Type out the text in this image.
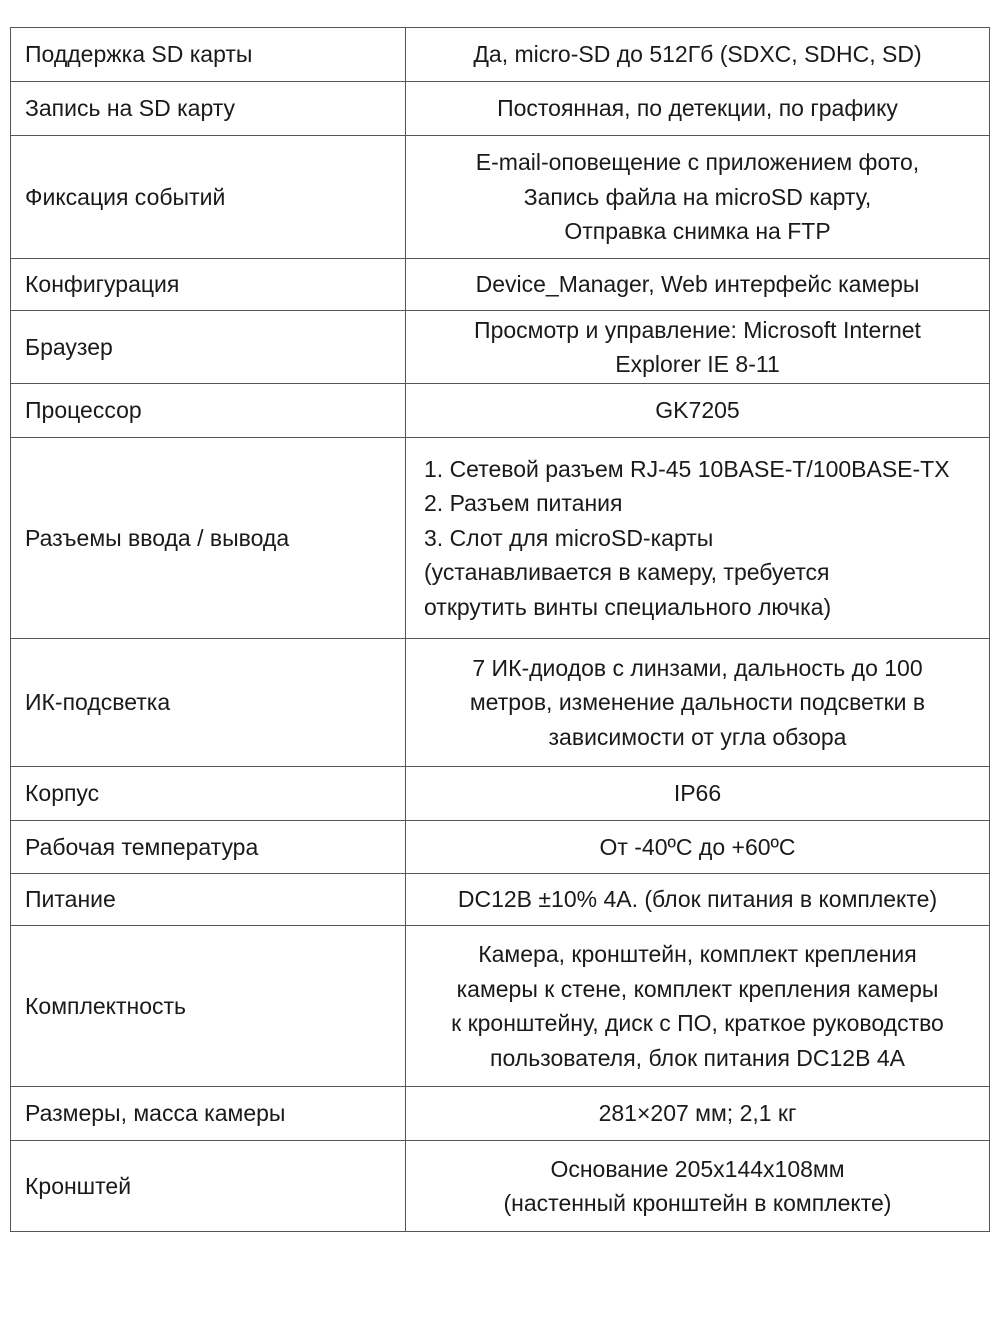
Поддержка SD карты	Да, micro-SD до 512Гб (SDXC, SDHC, SD)

Запись на SD карту	Постоянная, по детекции, по графику

Фиксация событий	E-mail-оповещение с приложением фото,
Запись файла на microSD карту,
Отправка снимка на FTP

Конфигурация	Device_Manager, Web интерфейс камеры

Браузер	Просмотр и управление: Microsoft Internet
Explorer IE 8-11

Процессор	GK7205

Разъемы ввода / вывода	1. Сетевой разъем RJ-45 10BASE-T/100BASE-TX
2. Разъем питания
3. Слот для microSD-карты
(устанавливается в камеру, требуется
открутить винты специального лючка)

ИК-подсветка	7 ИК-диодов с линзами, дальность до 100
метров, изменение дальности подсветки в
зависимости от угла обзора

Корпус	IP66

Рабочая температура	От -40ºС до +60ºС

Питание	DC12В ±10% 4А. (блок питания в комплекте)

Комплектность	Камера, кронштейн, комплект крепления
камеры к стене, комплект крепления камеры
к кронштейну, диск с ПО, краткое руководство
пользователя, блок питания DC12В 4А

Размеры, масса камеры	281×207 мм; 2,1 кг

Кронштей	Основание 205х144х108мм
(настенный кронштейн в комплекте)
